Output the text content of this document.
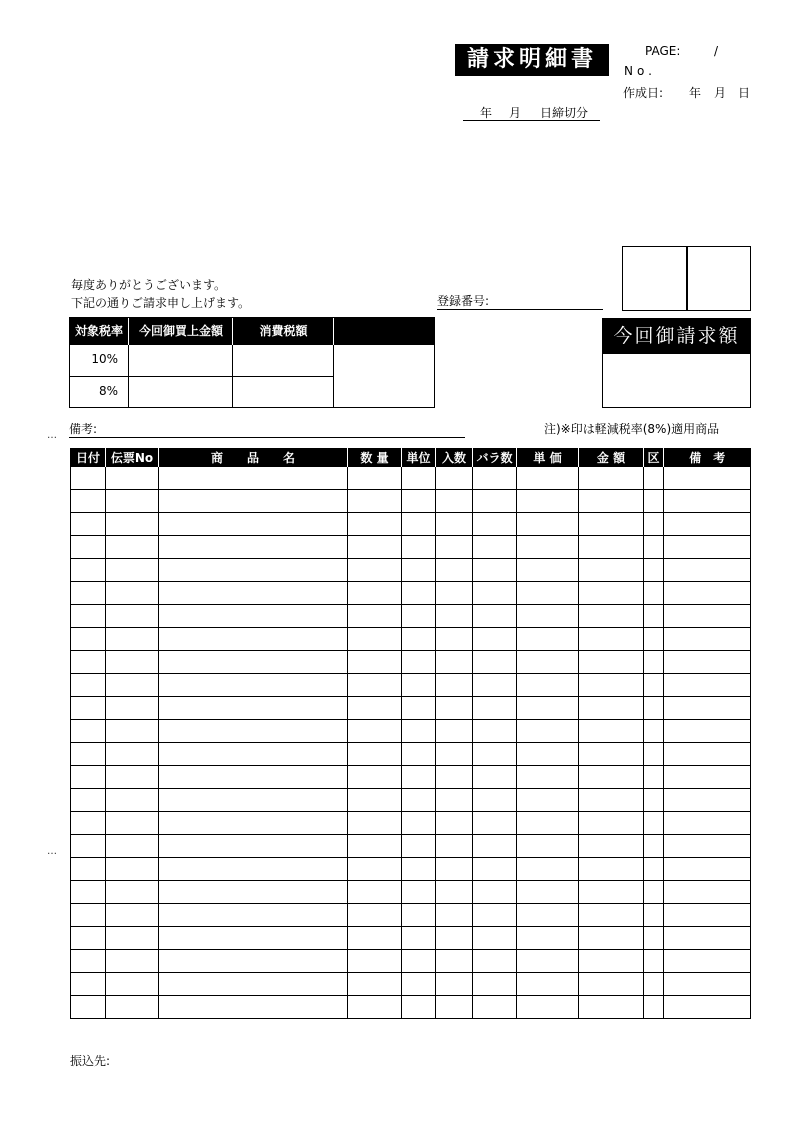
請求明細書	PAGE:	/
No.
作成日: 年 月 日
年 月 日締切分
毎度ありがとうございます。
下記の通りご請求申し上げます。	登録番号:
対象税率	今回御買上金額	消費税額
10%
8%
今回御請求額
… 備考:	注)※印は軽減税率(8%)適用商品
日付	伝票No	商　　品　　名	数 量	単位	入数	バラ数	単 価	金 額	区	備　考

…
振込先:
